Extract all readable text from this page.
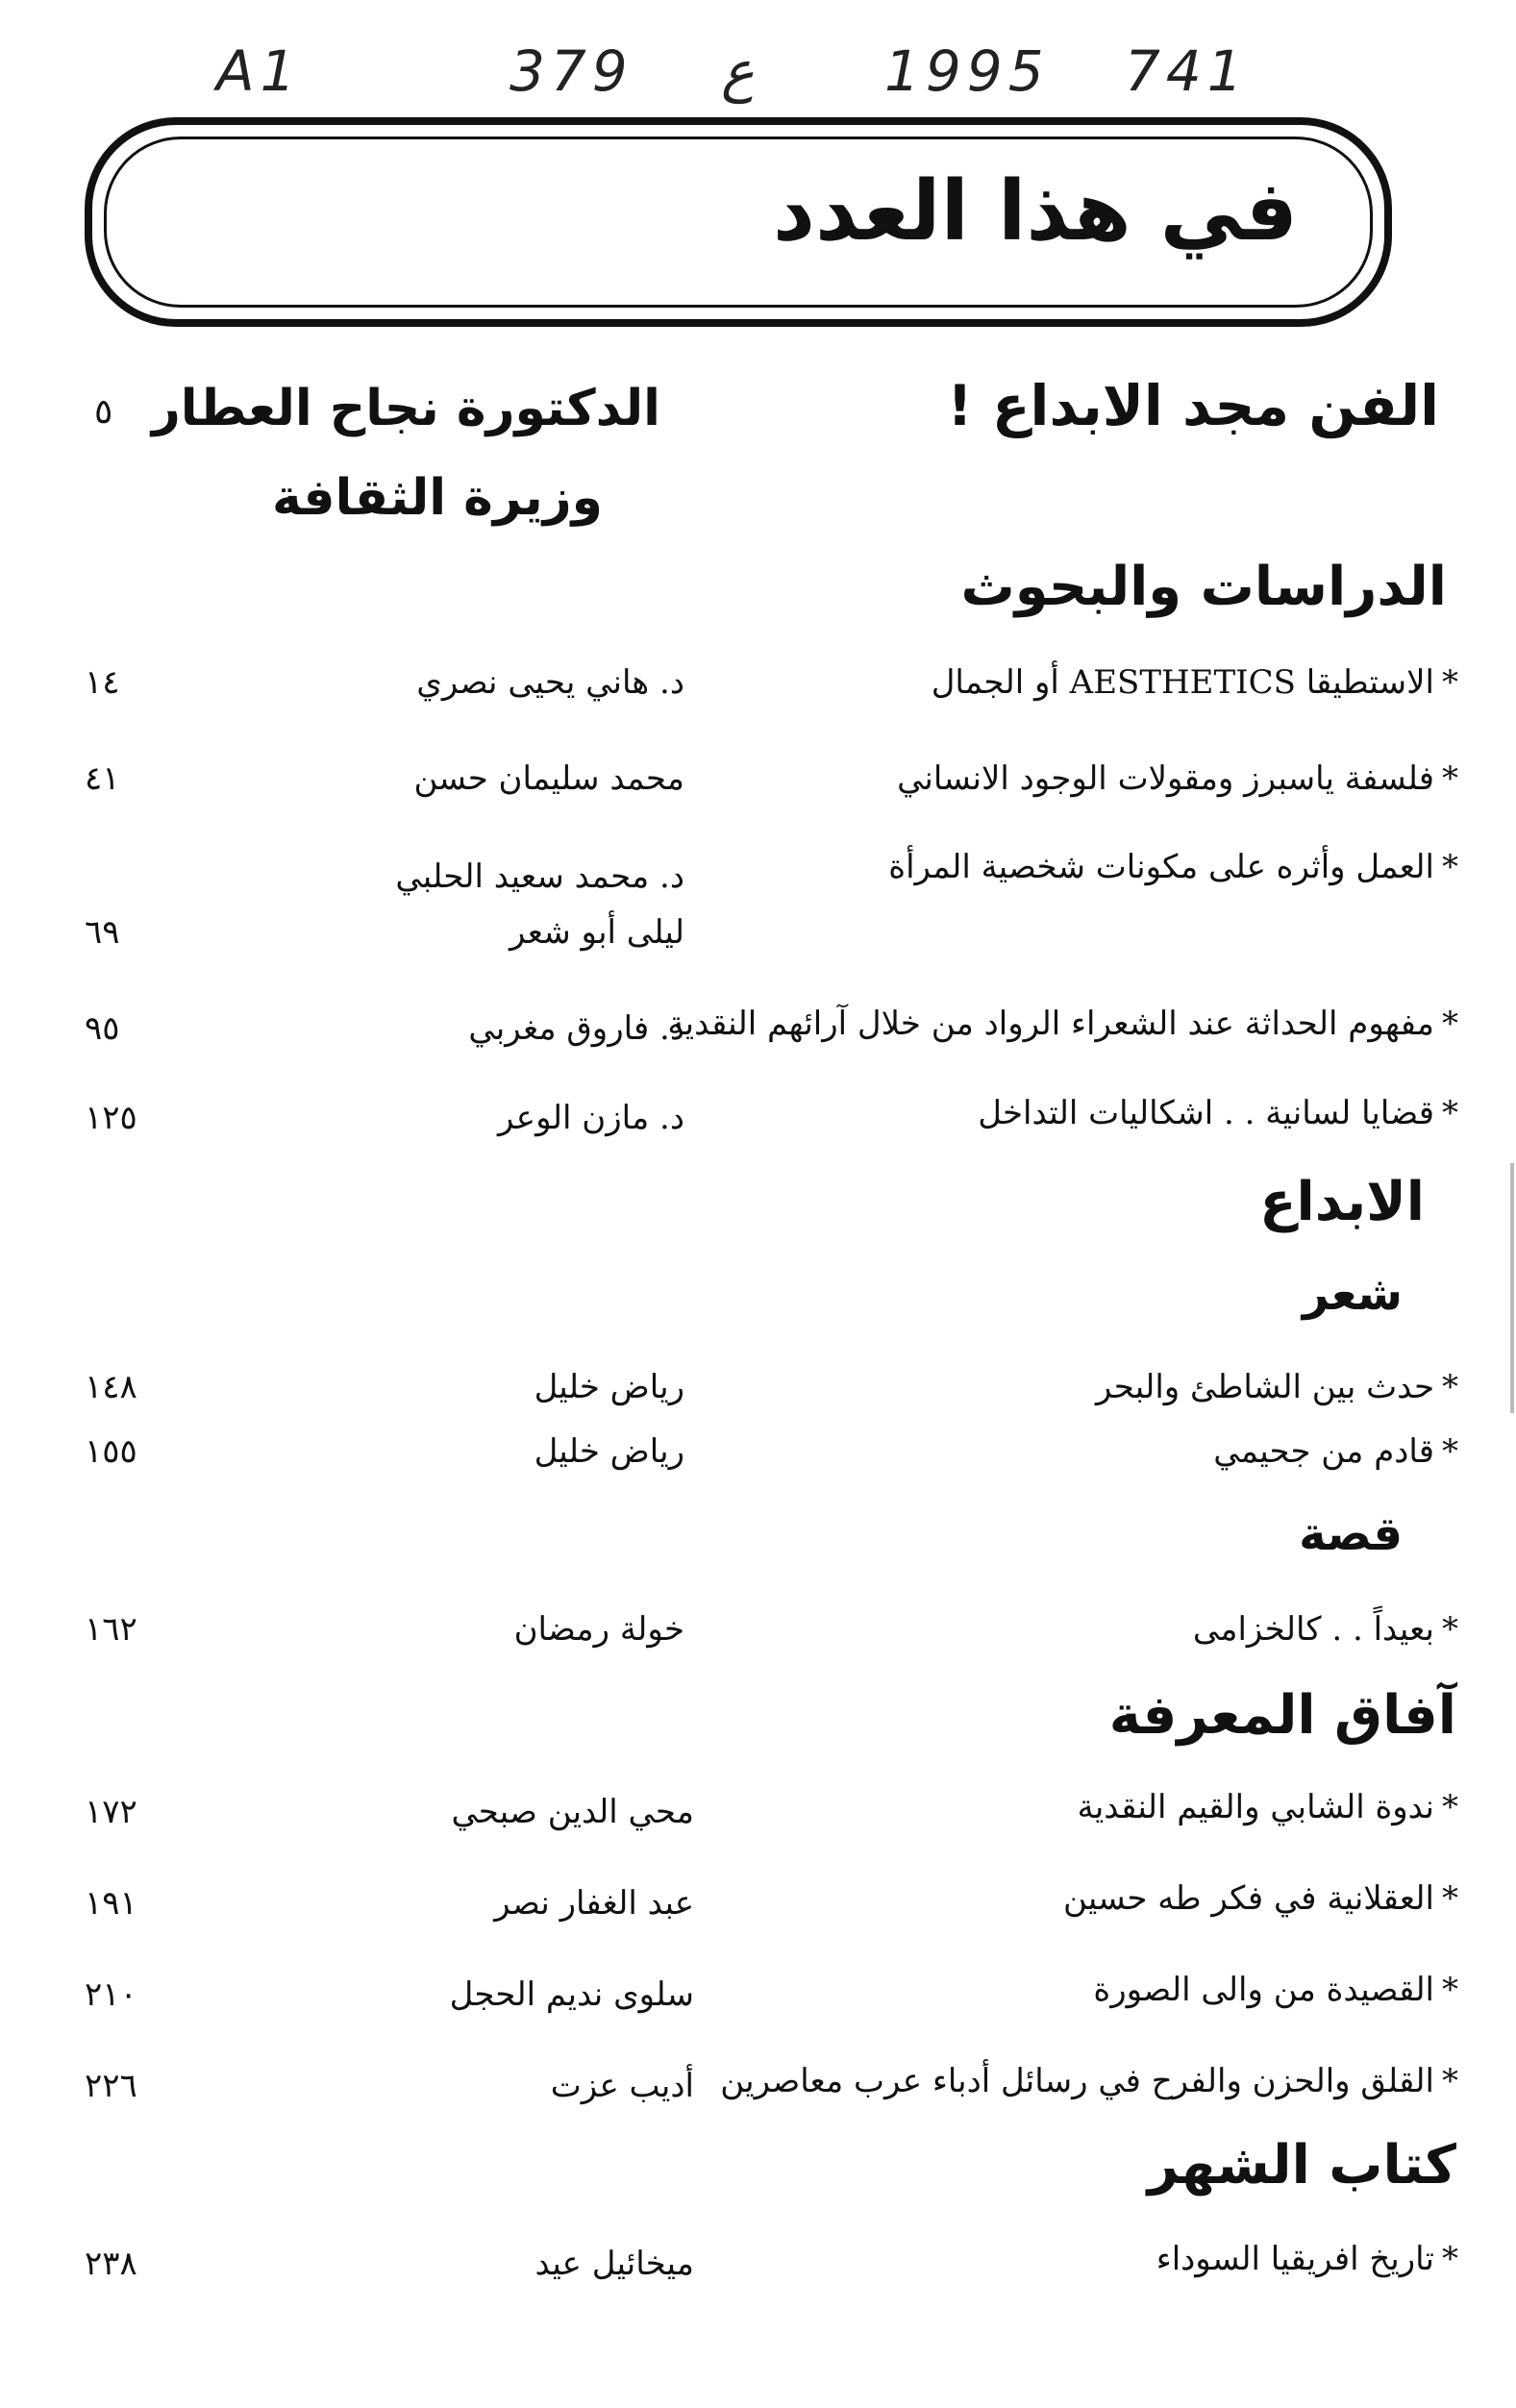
A1	379 ع 1995 741
في هذا العدد
الفن مجد الابداع !
الدكتورة نجاح العطار
وزيرة الثقافة
٥
الدراسات والبحوث
*الاستطيقا AESTHETICS أو الجمال
د. هاني يحيى نصري
١٤
*فلسفة ياسبرز ومقولات الوجود الانساني
محمد سليمان حسن
٤١
*العمل وأثره على مكونات شخصية المرأة
د. محمد سعيد الحلبي
ليلى أبو شعر
٦٩
*مفهوم الحداثة عند الشعراء الرواد من خلال آرائهم النقدية
د. فاروق مغربي
٩٥
*قضايا لسانية . . اشكاليات التداخل
د. مازن الوعر
١٢٥
الابداع
شعر
*حدث بين الشاطئ والبحر
رياض خليل
١٤٨
*قادم من جحيمي
رياض خليل
١٥٥
قصة
*بعيداً . . كالخزامى
خولة رمضان
١٦٢
آفاق المعرفة
*ندوة الشابي والقيم النقدية
محي الدين صبحي
١٧٢
*العقلانية في فكر طه حسين
عبد الغفار نصر
١٩١
*القصيدة من والى الصورة
سلوى نديم الحجل
٢١٠
*القلق والحزن والفرح في رسائل أدباء عرب معاصرين
أديب عزت
٢٢٦
كتاب الشهر
*تاريخ افريقيا السوداء
ميخائيل عيد
٢٣٨
